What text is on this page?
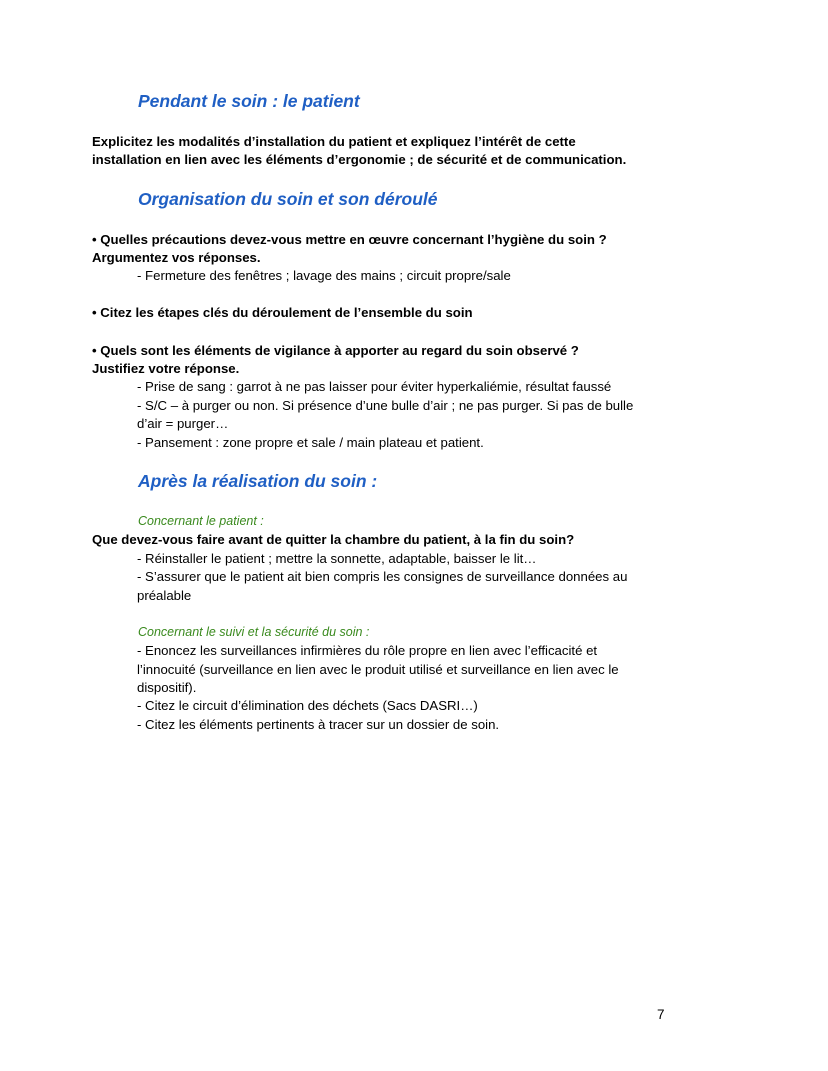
Pendant le soin : le patient

Explicitez les modalités d’installation du patient et expliquez l’intérêt de cette

installation en lien avec les éléments d’ergonomie ; de sécurité et de communication.

Organisation du soin et son déroulé

• Quelles précautions devez-vous mettre en œuvre concernant l’hygiène du soin ?

Argumentez vos réponses.

- Fermeture des fenêtres ; lavage des mains ; circuit propre/sale

• Citez les étapes clés du déroulement de l’ensemble du soin

• Quels sont les éléments de vigilance à apporter au regard du soin observé ?

Justifiez votre réponse.

- Prise de sang : garrot à ne pas laisser pour éviter hyperkaliémie, résultat faussé

- S/C – à purger ou non. Si présence d’une bulle d’air ; ne pas purger. Si pas de bulle

d’air = purger…

- Pansement : zone propre et sale / main plateau et patient.

Après la réalisation du soin :

Concernant le patient :

Que devez-vous faire avant de quitter la chambre du patient, à la fin du soin?

- Réinstaller le patient ; mettre la sonnette, adaptable, baisser le lit…

- S’assurer que le patient ait bien compris les consignes de surveillance données au

préalable

Concernant le suivi et la sécurité du soin :

- Enoncez les surveillances infirmières du rôle propre en lien avec l’efficacité et

l’innocuité (surveillance en lien avec le produit utilisé et surveillance en lien avec le

dispositif).

- Citez le circuit d’élimination des déchets (Sacs DASRI…)

- Citez les éléments pertinents à tracer sur un dossier de soin.

7
